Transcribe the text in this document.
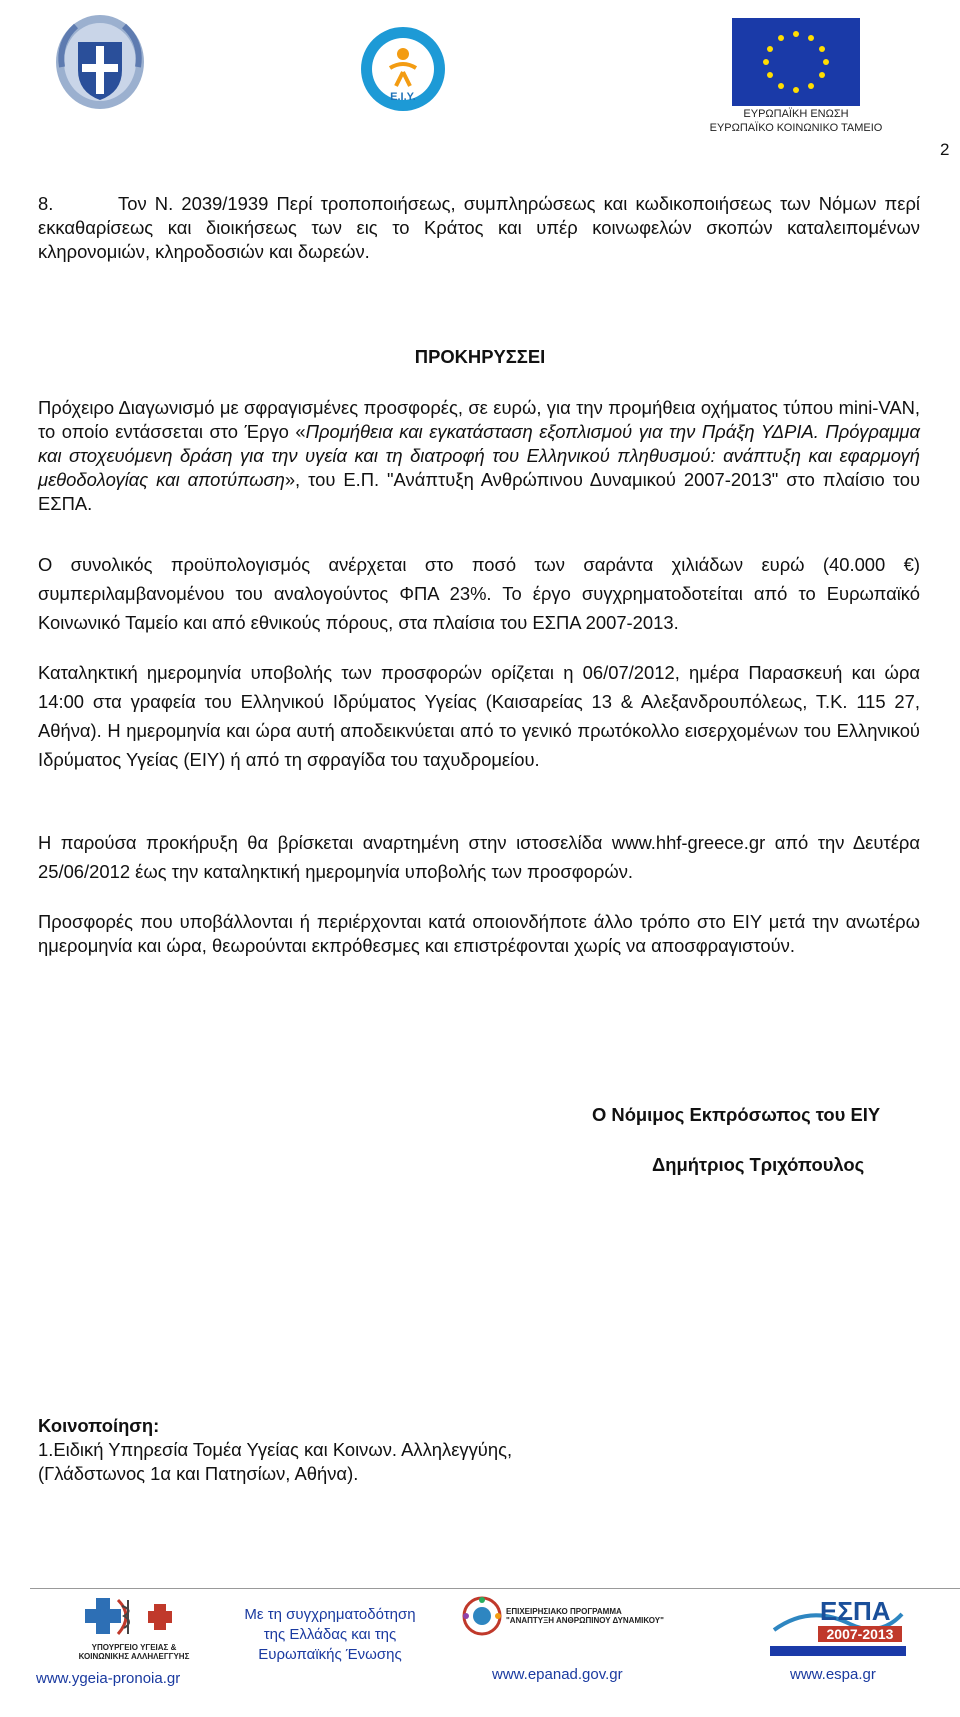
Ε.Ι.Υ.
ΕΥΡΩΠΑΪΚΗ ΕΝΩΣΗ
ΕΥΡΩΠΑΪΚΟ ΚΟΙΝΩΝΙΚΟ ΤΑΜΕΙΟ
2

8.	Τον Ν. 2039/1939 Περί τροποποιήσεως, συμπληρώσεως και κωδικοποιήσεως των Νόμων περί εκκαθαρίσεως και διοικήσεως των εις το Κράτος και υπέρ κοινωφελών σκοπών καταλειπομένων κληρονομιών, κληροδοσιών και δωρεών.

ΠΡΟΚΗΡΥΣΣΕΙ

Πρόχειρο Διαγωνισμό με σφραγισμένες προσφορές, σε ευρώ, για την προμήθεια οχήματος τύπου mini-VAN, το οποίο εντάσσεται στο Έργο «Προμήθεια και εγκατάσταση εξοπλισμού για την Πράξη ΥΔΡΙΑ. Πρόγραμμα και στοχευόμενη δράση για την υγεία και τη διατροφή του Ελληνικού πληθυσμού: ανάπτυξη και εφαρμογή μεθοδολογίας και αποτύπωση», του Ε.Π. "Ανάπτυξη Ανθρώπινου Δυναμικού 2007-2013" στο πλαίσιο του ΕΣΠΑ.

Ο συνολικός προϋπολογισμός ανέρχεται στο ποσό των σαράντα χιλιάδων ευρώ (40.000 €) συμπεριλαμβανομένου του αναλογούντος ΦΠΑ 23%. Το έργο συγχρηματοδοτείται από το Ευρωπαϊκό Κοινωνικό Ταμείο και από εθνικούς πόρους, στα πλαίσια του ΕΣΠΑ 2007-2013.

Καταληκτική ημερομηνία υποβολής των προσφορών ορίζεται η 06/07/2012, ημέρα Παρασκευή και ώρα 14:00 στα γραφεία του Ελληνικού Ιδρύματος Υγείας (Καισαρείας 13 & Αλεξανδρουπόλεως, Τ.Κ. 115 27, Αθήνα). Η ημερομηνία και ώρα αυτή αποδεικνύεται από το γενικό πρωτόκολλο εισερχομένων του Ελληνικού Ιδρύματος Υγείας (ΕΙΥ) ή από τη σφραγίδα του ταχυδρομείου.

Η παρούσα προκήρυξη θα βρίσκεται αναρτημένη στην ιστοσελίδα www.hhf-greece.gr από την Δευτέρα 25/06/2012 έως την καταληκτική ημερομηνία υποβολής των προσφορών.

Προσφορές που υποβάλλονται ή περιέρχονται κατά οποιονδήποτε άλλο τρόπο στο ΕΙΥ μετά την ανωτέρω ημερομηνία και ώρα, θεωρούνται εκπρόθεσμες και επιστρέφονται χωρίς να αποσφραγιστούν.

Ο Νόμιμος Εκπρόσωπος του ΕΙΥ
Δημήτριος Τριχόπουλος
Κοινοποίηση:
1.Ειδική Υπηρεσία Τομέα Υγείας και Κοινων. Αλληλεγγύης,
(Γλάδστωνος 1α και Πατησίων, Αθήνα).
ΥΠΟΥΡΓΕΙΟ ΥΓΕΙΑΣ & ΚΟΙΝΩΝΙΚΗΣ ΑΛΛΗΛΕΓΓΥΗΣ
www.ygeia-pronoia.gr
Με τη συγχρηματοδότηση της Ελλάδας και της Ευρωπαϊκής Ένωσης
ΕΠΙΧΕΙΡΗΣΙΑΚΟ ΠΡΟΓΡΑΜΜΑ "ΑΝΑΠΤΥΞΗ ΑΝΘΡΩΠΙΝΟΥ ΔΥΝΑΜΙΚΟΥ"
www.epanad.gov.gr
ΕΣΠΑ
2007-2013
www.espa.gr
